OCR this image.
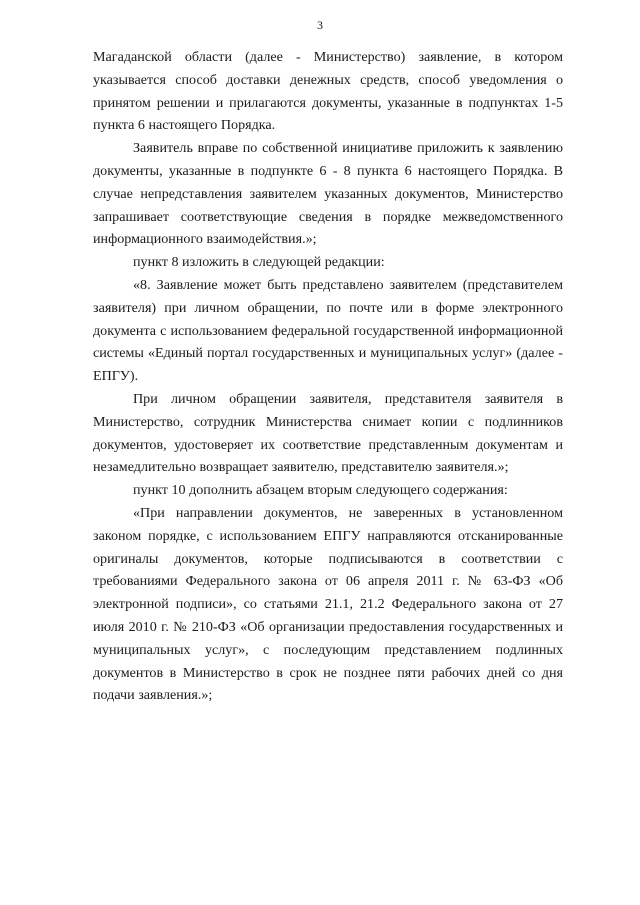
3

Магаданской области (далее - Министерство) заявление, в котором указывается способ доставки денежных средств, способ уведомления о принятом решении и прилагаются документы, указанные в подпунктах 1-5 пункта 6 настоящего Порядка.

Заявитель вправе по собственной инициативе приложить к заявлению документы, указанные в подпункте 6 - 8 пункта 6 настоящего Порядка. В случае непредставления заявителем указанных документов, Министерство запрашивает соответствующие сведения в порядке межведомственного информационного взаимодействия.»;

пункт 8 изложить в следующей редакции:

«8. Заявление может быть представлено заявителем (представителем заявителя) при личном обращении, по почте или в форме электронного документа с использованием федеральной государственной информационной системы «Единый портал государственных и муниципальных услуг» (далее - ЕПГУ).

При личном обращении заявителя, представителя заявителя в Министерство, сотрудник Министерства снимает копии с подлинников документов, удостоверяет их соответствие представленным документам и незамедлительно возвращает заявителю, представителю заявителя.»;

пункт 10 дополнить абзацем вторым следующего содержания:

«При направлении документов, не заверенных в установленном законом порядке, с использованием ЕПГУ направляются отсканированные оригиналы документов, которые подписываются в соответствии с требованиями Федерального закона от 06 апреля 2011 г. № 63-ФЗ «Об электронной подписи», со статьями 21.1, 21.2 Федерального закона от 27 июля 2010 г. № 210-ФЗ «Об организации предоставления государственных и муниципальных услуг», с последующим представлением подлинных документов в Министерство в срок не позднее пяти рабочих дней со дня подачи заявления.»;
